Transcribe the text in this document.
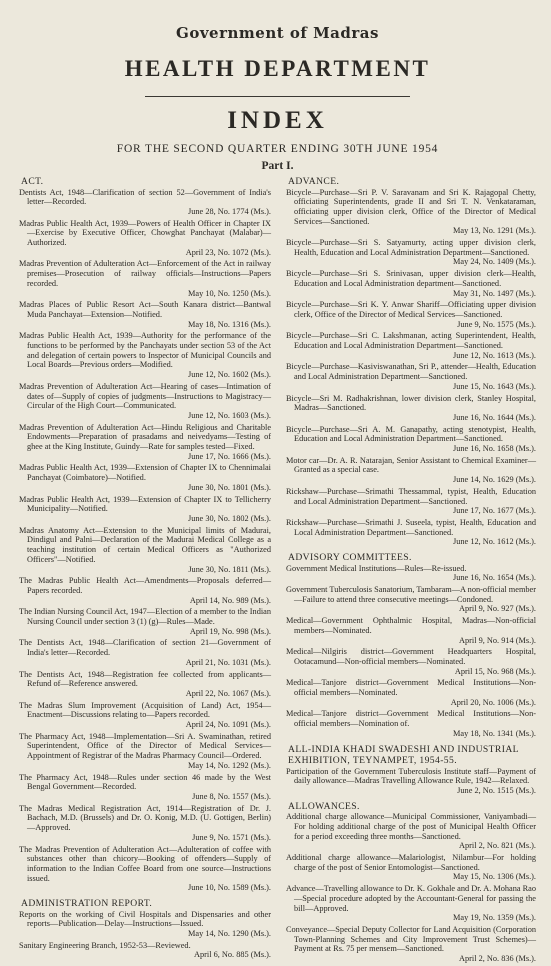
Government of Madras
HEALTH DEPARTMENT
INDEX
FOR THE SECOND QUARTER ENDING 30TH JUNE 1954
Part I.
ACT.
Dentists Act, 1948—Clarification of section 52—Government of India's letter—Recorded.
June 28, No. 1774 (Ms.).
Madras Public Health Act, 1939—Powers of Health Officer in Chapter IX—Exercise by Executive Officer, Chowghat Panchayat (Malabar)—Authorized.
April 23, No. 1072 (Ms.).
Madras Prevention of Adulteration Act—Enforcement of the Act in railway premises—Prosecution of railway officials—Instructions—Papers recorded.
May 10, No. 1250 (Ms.).
Madras Places of Public Resort Act—South Kanara district—Bantwal Muda Panchayat—Extension—Notified.
May 18, No. 1316 (Ms.).
Madras Public Health Act, 1939—Authority for the performance of the functions to be performed by the Panchayats under section 53 of the Act and delegation of certain powers to Inspector of Municipal Councils and Local Boards—Previous orders—Modified.
June 12, No. 1602 (Ms.).
Madras Prevention of Adulteration Act—Hearing of cases—Intimation of dates of—Supply of copies of judgments—Instructions to Magistracy—Circular of the High Court—Communicated.
June 12, No. 1603 (Ms.).
Madras Prevention of Adulteration Act—Hindu Religious and Charitable Endowments—Preparation of prasadams and neivedyams—Testing of ghee at the King Institute, Guindy—Rate for samples tested—Fixed.
June 17, No. 1666 (Ms.).
Madras Public Health Act, 1939—Extension of Chapter IX to Chennimalai Panchayat (Coimbatore)—Notified.
June 30, No. 1801 (Ms.).
Madras Public Health Act, 1939—Extension of Chapter IX to Tellicherry Municipality—Notified.
June 30, No. 1802 (Ms.).
Madras Anatomy Act—Extension to the Municipal limits of Madurai, Dindigul and Palni—Declaration of the Madurai Medical College as a teaching institution of certain Medical Officers as "Authorized Officers"—Notified.
June 30, No. 1811 (Ms.).
The Madras Public Health Act—Amendments—Proposals deferred—Papers recorded.
April 14, No. 989 (Ms.).
The Indian Nursing Council Act, 1947—Election of a member to the Indian Nursing Council under section 3 (1) (g)—Rules—Made.
April 19, No. 998 (Ms.).
The Dentists Act, 1948—Clarification of section 21—Government of India's letter—Recorded.
April 21, No. 1031 (Ms.).
The Dentists Act, 1948—Registration fee collected from applicants—Refund of—Reference answered.
April 22, No. 1067 (Ms.).
The Madras Slum Improvement (Acquisition of Land) Act, 1954—Enactment—Discussions relating to—Papers recorded.
April 24, No. 1091 (Ms.).
The Pharmacy Act, 1948—Implementation—Sri A. Swaminathan, retired Superintendent, Office of the Director of Medical Services—Appointment of Registrar of the Madras Pharmacy Council—Ordered.
May 14, No. 1292 (Ms.).
The Pharmacy Act, 1948—Rules under section 46 made by the West Bengal Government—Recorded.
June 8, No. 1557 (Ms.).
The Madras Medical Registration Act, 1914—Registration of Dr. J. Bachach, M.D. (Brussels) and Dr. O. Konig, M.D. (U. Gottigen, Berlin)—Approved.
June 9, No. 1571 (Ms.).
The Madras Prevention of Adulteration Act—Adulteration of coffee with substances other than chicory—Booking of offenders—Supply of information to the Indian Coffee Board from one source—Instructions issued.
June 10, No. 1589 (Ms.).
ADMINISTRATION REPORT.
Reports on the working of Civil Hospitals and Dispensaries and other reports—Publication—Delay—Instructions—Issued.
May 14, No. 1290 (Ms.).
Sanitary Engineering Branch, 1952-53—Reviewed.
April 6, No. 885 (Ms.).
ADVANCE.
Bicycle—Purchase—Sri P. V. Saravanam and Sri K. Rajagopal Chetty, officiating Superintendents, grade II and Sri T. N. Venkataraman, officiating upper division clerk, Office of the Director of Medical Services—Sanctioned.
May 13, No. 1291 (Ms.).
Bicycle—Purchase—Sri S. Satyamurty, acting upper division clerk, Health, Education and Local Administration Department—Sanctioned.
May 24, No. 1409 (Ms.).
Bicycle—Purchase—Sri S. Srinivasan, upper division clerk—Health, Education and Local Administration department—Sanctioned.
May 31, No. 1497 (Ms.).
Bicycle—Purchase—Sri K. Y. Anwar Shariff—Officiating upper division clerk, Office of the Director of Medical Services—Sanctioned.
June 9, No. 1575 (Ms.).
Bicycle—Purchase—Sri C. Lakshmanan, acting Superintendent, Health, Education and Local Administration Department—Sanctioned.
June 12, No. 1613 (Ms.).
Bicycle—Purchase—Kasiviswanathan, Sri P., attender—Health, Education and Local Administration Department—Sanctioned.
June 15, No. 1643 (Ms.).
Bicycle—Sri M. Radhakrishnan, lower division clerk, Stanley Hospital, Madras—Sanctioned.
June 16, No. 1644 (Ms.).
Bicycle—Purchase—Sri A. M. Ganapathy, acting stenotypist, Health, Education and Local Administration Department—Sanctioned.
June 16, No. 1658 (Ms.).
Motor car—Dr. A. R. Natarajan, Senior Assistant to Chemical Examiner—Granted as a special case.
June 14, No. 1629 (Ms.).
Rickshaw—Purchase—Srimathi Thessammal, typist, Health, Education and Local Administration Department—Sanctioned.
June 17, No. 1677 (Ms.).
Rickshaw—Purchase—Srimathi J. Suseela, typist, Health, Education and Local Administration Department—Sanctioned.
June 12, No. 1612 (Ms.).
ADVISORY COMMITTEES.
Government Medical Institutions—Rules—Re-issued.
June 16, No. 1654 (Ms.).
Government Tuberculosis Sanatorium, Tambaram—A non-official member—Failure to attend three consecutive meetings—Condoned.
April 9, No. 927 (Ms.).
Medical—Government Ophthalmic Hospital, Madras—Non-official members—Nominated.
April 9, No. 914 (Ms.).
Medical—Nilgiris district—Government Headquarters Hospital, Ootacamund—Non-official members—Nominated.
April 15, No. 968 (Ms.).
Medical—Tanjore district—Government Medical Institutions—Non-official members—Nominated.
April 20, No. 1006 (Ms.).
Medical—Tanjore district—Government Medical Institutions—Non-official members—Nomination of.
May 18, No. 1341 (Ms.).
ALL-INDIA KHADI SWADESHI AND INDUSTRIAL EXHIBITION, TEYNAMPET, 1954-55.
Participation of the Government Tuberculosis Institute staff—Payment of daily allowance—Madras Travelling Allowance Rule, 1942—Relaxed.
June 2, No. 1515 (Ms.).
ALLOWANCES.
Additional charge allowance—Municipal Commissioner, Vaniyambadi—For holding additional charge of the post of Municipal Health Officer for a period exceeding three months—Sanctioned.
April 2, No. 821 (Ms.).
Additional charge allowance—Malariologist, Nilambur—For holding charge of the post of Senior Entomologist—Sanctioned.
May 15, No. 1306 (Ms.).
Advance—Travelling allowance to Dr. K. Gokhale and Dr. A. Mohana Rao—Special procedure adopted by the Accountant-General for passing the bill—Approved.
May 19, No. 1359 (Ms.).
Conveyance—Special Deputy Collector for Land Acquisition (Corporation Town-Planning Schemes and City Improvement Trust Schemes)—Payment at Rs. 75 per mensem—Sanctioned.
April 2, No. 836 (Ms.).
